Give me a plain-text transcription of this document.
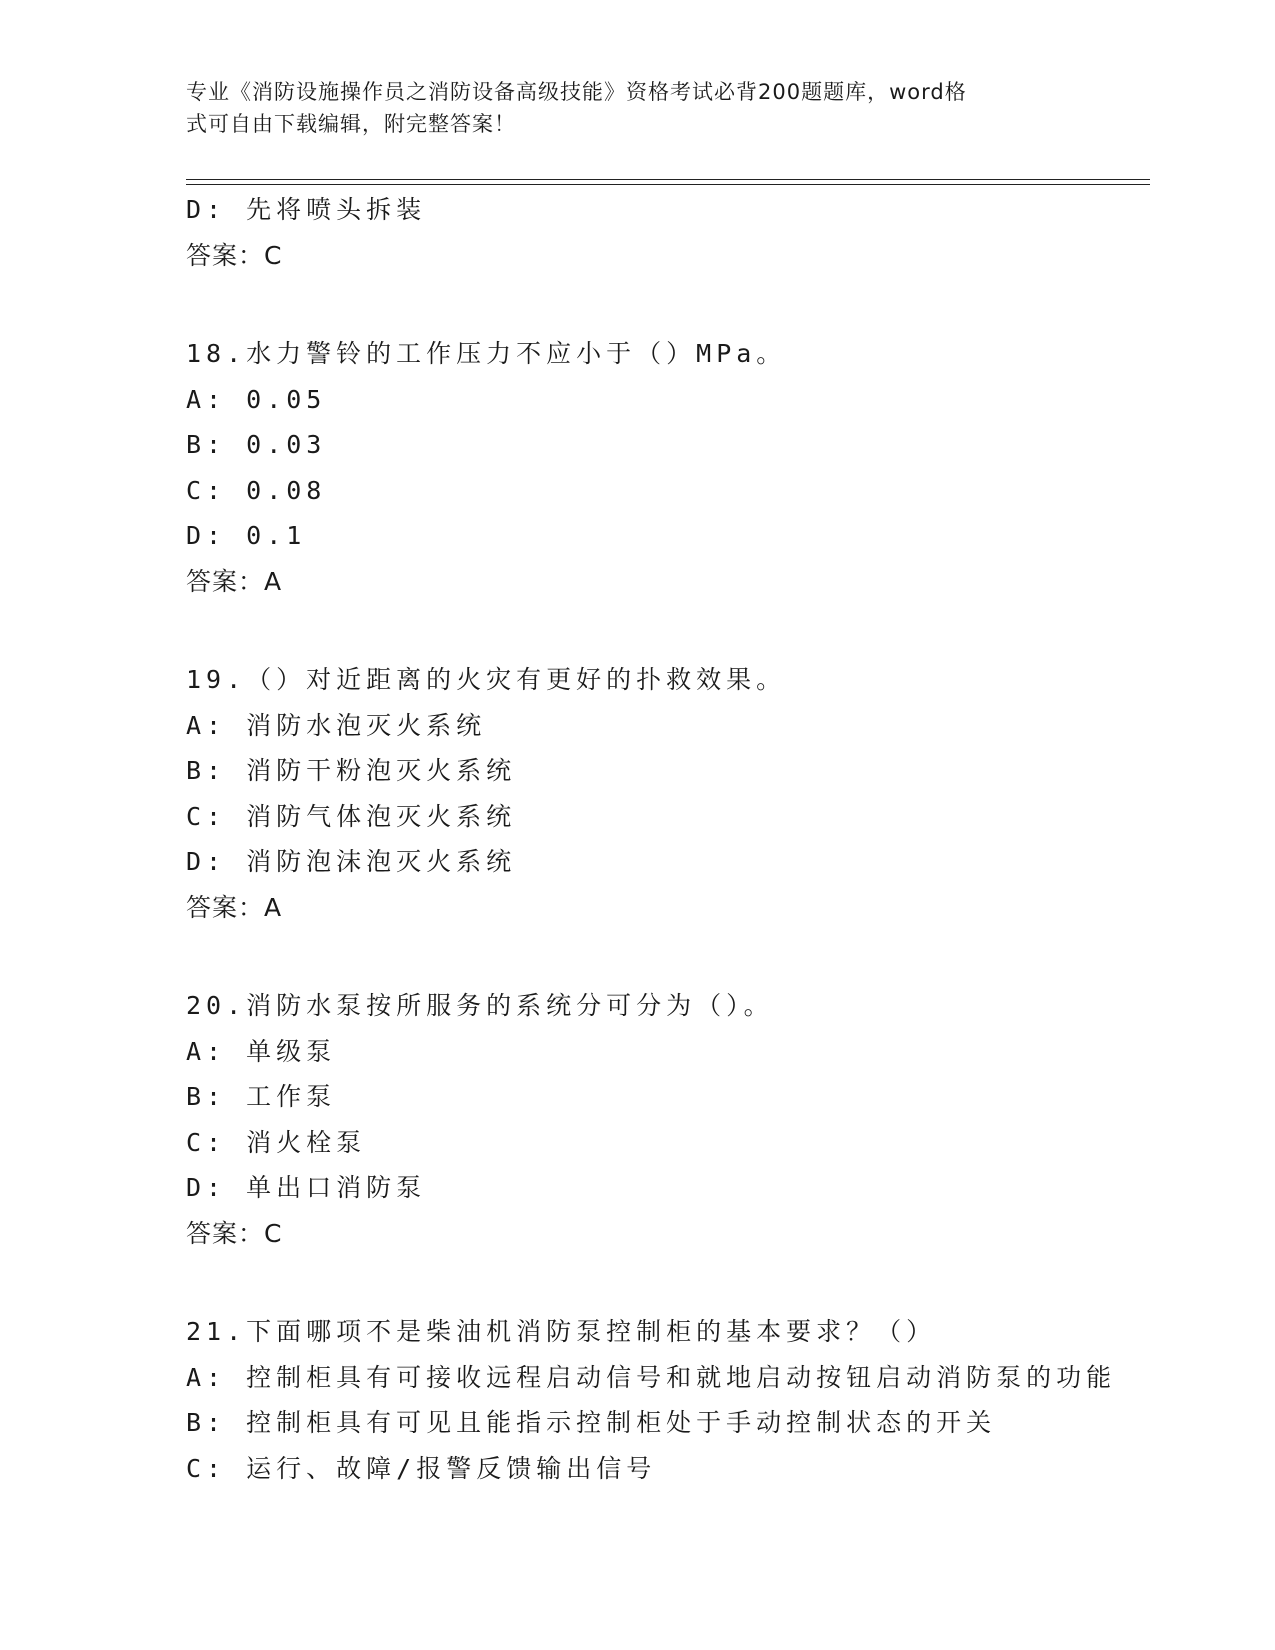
专业《消防设施操作员之消防设备高级技能》资格考试必背200题题库，word格

式可自由下载编辑，附完整答案！

D: 先将喷头拆装
答案：C
18.水力警铃的工作压力不应小于（）MPa。
A: 0.05
B: 0.03
C: 0.08
D: 0.1
答案：A
19.（）对近距离的火灾有更好的扑救效果。
A: 消防水泡灭火系统
B: 消防干粉泡灭火系统
C: 消防气体泡灭火系统
D: 消防泡沫泡灭火系统
答案：A
20.消防水泵按所服务的系统分可分为（）。
A: 单级泵
B: 工作泵
C: 消火栓泵
D: 单出口消防泵
答案：C
21.下面哪项不是柴油机消防泵控制柜的基本要求？（）
A: 控制柜具有可接收远程启动信号和就地启动按钮启动消防泵的功能
B: 控制柜具有可见且能指示控制柜处于手动控制状态的开关
C: 运行、故障/报警反馈输出信号
